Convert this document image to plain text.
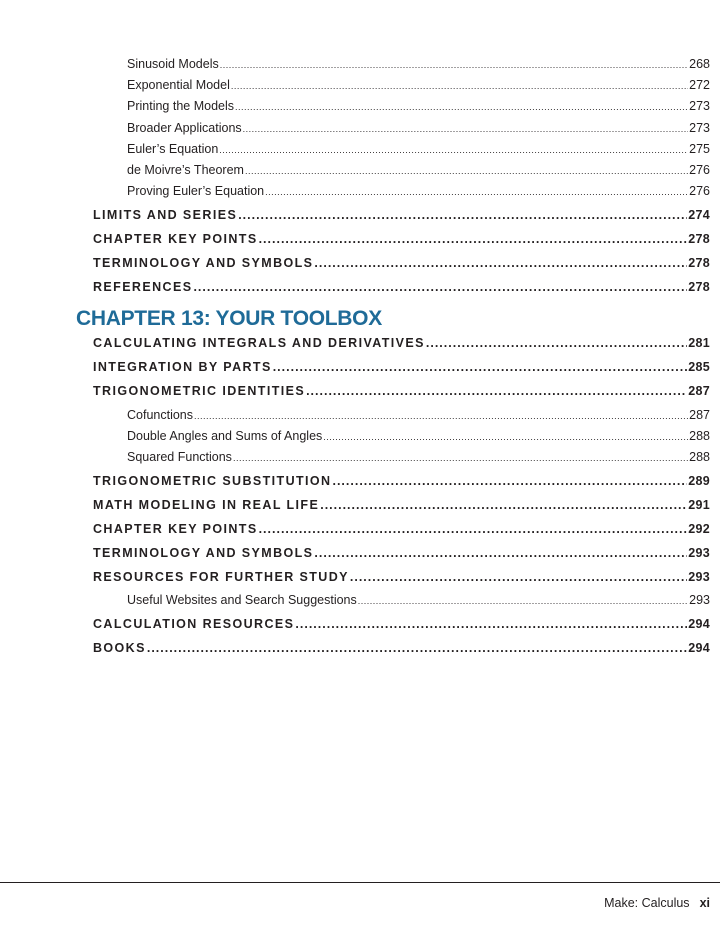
Sinusoid Models .....	268
Exponential Model .....	272
Printing the Models .....	273
Broader Applications .....	273
Euler’s Equation .....	275
de Moivre’s Theorem .....	276
Proving Euler’s Equation .....	276
LIMITS AND SERIES .....	274
CHAPTER KEY POINTS .....	278
TERMINOLOGY AND SYMBOLS .....	278
REFERENCES .....	278
CHAPTER 13: YOUR TOOLBOX
CALCULATING INTEGRALS AND DERIVATIVES .....	281
INTEGRATION BY PARTS .....	285
TRIGONOMETRIC IDENTITIES .....	287
Cofunctions .....	287
Double Angles and Sums of Angles .....	288
Squared Functions .....	288
TRIGONOMETRIC SUBSTITUTION .....	289
MATH MODELING IN REAL LIFE .....	291
CHAPTER KEY POINTS .....	292
TERMINOLOGY AND SYMBOLS .....	293
RESOURCES FOR FURTHER STUDY .....	293
Useful Websites and Search Suggestions .....	293
CALCULATION RESOURCES .....	294
BOOKS .....	294
Make: Calculus xi
